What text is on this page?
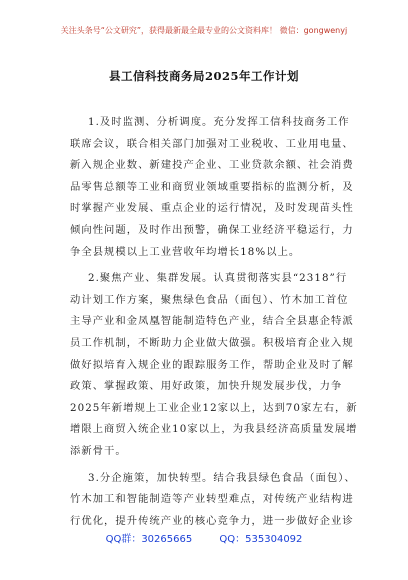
关注头条号“公文研究”，获得最新最全最专业的公文资料库！ 微信：gongwenyj
县工信科技商务局2025年工作计划
1.及时监测、分析调度。充分发挥工信科技商务工作
联席会议，联合相关部门加强对工业税收、工业用电量、
新入规企业数、新建投产企业、工业贷款余额、社会消费
品零售总额等工业和商贸业领域重要指标的监测分析，及
时掌握产业发展、重点企业的运行情况，及时发现苗头性
倾向性问题，及时作出预警，确保工业经济平稳运行，力
争全县规模以上工业营收年均增长18%以上。
2.聚焦产业、集群发展。认真贯彻落实县“2318”行
动计划工作方案，聚焦绿色食品（面包）、竹木加工首位
主导产业和金凤凰智能制造特色产业，结合全县惠企特派
员工作机制，不断助力企业做大做强。积极培育企业入规
做好拟培育入规企业的跟踪服务工作，帮助企业及时了解
政策、掌握政策、用好政策，加快升规发展步伐，力争
2025年新增规上工业企业12家以上，达到70家左右，新
增限上商贸入统企业10家以上，为我县经济高质量发展增
添新骨干。
3.分企施策，加快转型。结合我县绿色食品（面包）、
竹木加工和智能制造等产业转型难点，对传统产业结构进
行优化，提升传统产业的核心竞争力，进一步做好企业诊
QQ群：30265665	QQ：535304092
